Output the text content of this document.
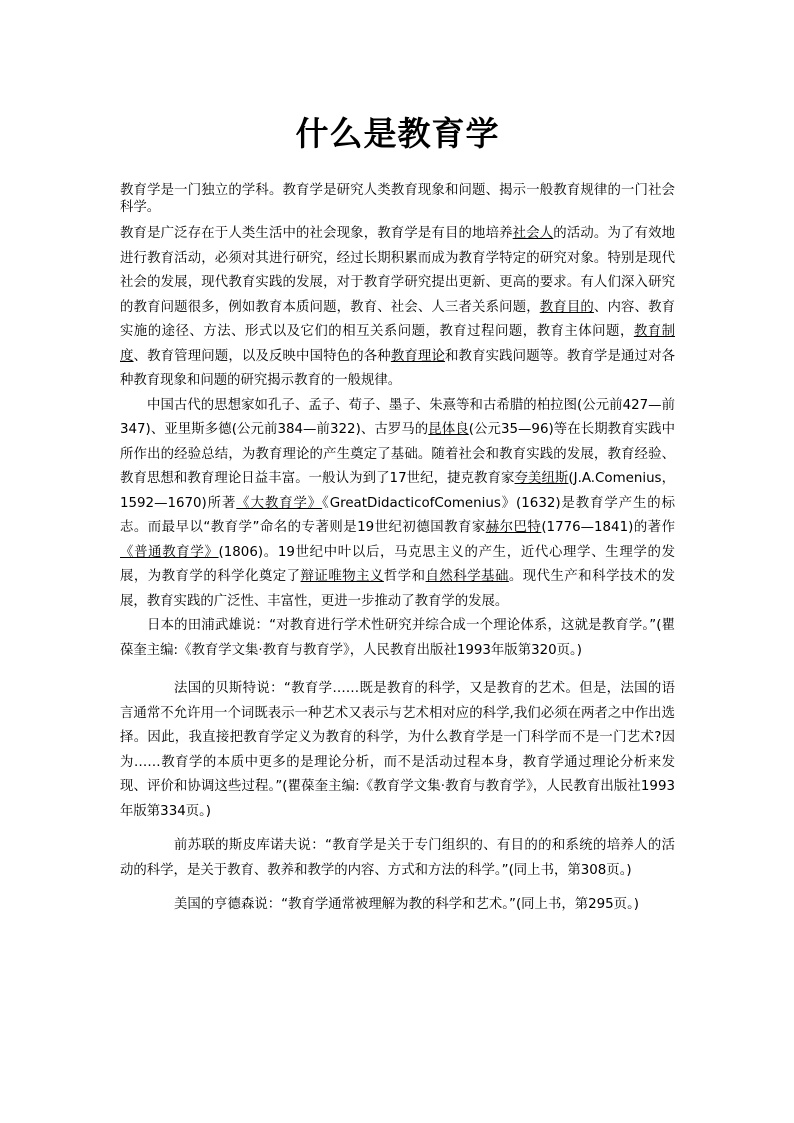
什么是教育学

教育学是一门独立的学科。教育学是研究人类教育现象和问题、揭示一般教育规律的一门社会科学。

教育是广泛存在于人类生活中的社会现象，教育学是有目的地培养社会人的活动。为了有效地进行教育活动，必须对其进行研究，经过长期积累而成为教育学特定的研究对象。特别是现代社会的发展，现代教育实践的发展，对于教育学研究提出更新、更高的要求。有人们深入研究的教育问题很多，例如教育本质问题，教育、社会、人三者关系问题，教育目的、内容、教育实施的途径、方法、形式以及它们的相互关系问题，教育过程问题，教育主体问题，教育制度、教育管理问题，以及反映中国特色的各种教育理论和教育实践问题等。教育学是通过对各种教育现象和问题的研究揭示教育的一般规律。

中国古代的思想家如孔子、孟子、荀子、墨子、朱熹等和古希腊的柏拉图(公元前427—前347)、亚里斯多德(公元前384—前322)、古罗马的昆体良(公元35—96)等在长期教育实践中所作出的经验总结，为教育理论的产生奠定了基础。随着社会和教育实践的发展，教育经验、教育思想和教育理论日益丰富。一般认为到了17世纪，捷克教育家夸美纽斯(J.A.Comenius，1592—1670)所著《大教育学》《GreatDidacticofComenius》(1632)是教育学产生的标志。而最早以“教育学”命名的专著则是19世纪初德国教育家赫尔巴特(1776—1841)的著作《普通教育学》(1806)。19世纪中叶以后，马克思主义的产生，近代心理学、生理学的发展，为教育学的科学化奠定了辩证唯物主义哲学和自然科学基础。现代生产和科学技术的发展，教育实践的广泛性、丰富性，更进一步推动了教育学的发展。

日本的田浦武雄说：“对教育进行学术性研究并综合成一个理论体系，这就是教育学。”(瞿葆奎主编:《教育学文集·教育与教育学》，人民教育出版社1993年版第320页。)

法国的贝斯特说：“教育学……既是教育的科学，又是教育的艺术。但是，法国的语言通常不允许用一个词既表示一种艺术又表示与艺术相对应的科学,我们必须在两者之中作出选择。因此，我直接把教育学定义为教育的科学，为什么教育学是一门科学而不是一门艺术?因为……教育学的本质中更多的是理论分析，而不是活动过程本身，教育学通过理论分析来发现、评价和协调这些过程。”(瞿葆奎主编:《教育学文集·教育与教育学》，人民教育出版社1993年版第334页。)

前苏联的斯皮库诺夫说：“教育学是关于专门组织的、有目的的和系统的培养人的活动的科学，是关于教育、教养和教学的内容、方式和方法的科学。”(同上书，第308页。)

美国的亨德森说：“教育学通常被理解为教的科学和艺术。”(同上书，第295页。)
